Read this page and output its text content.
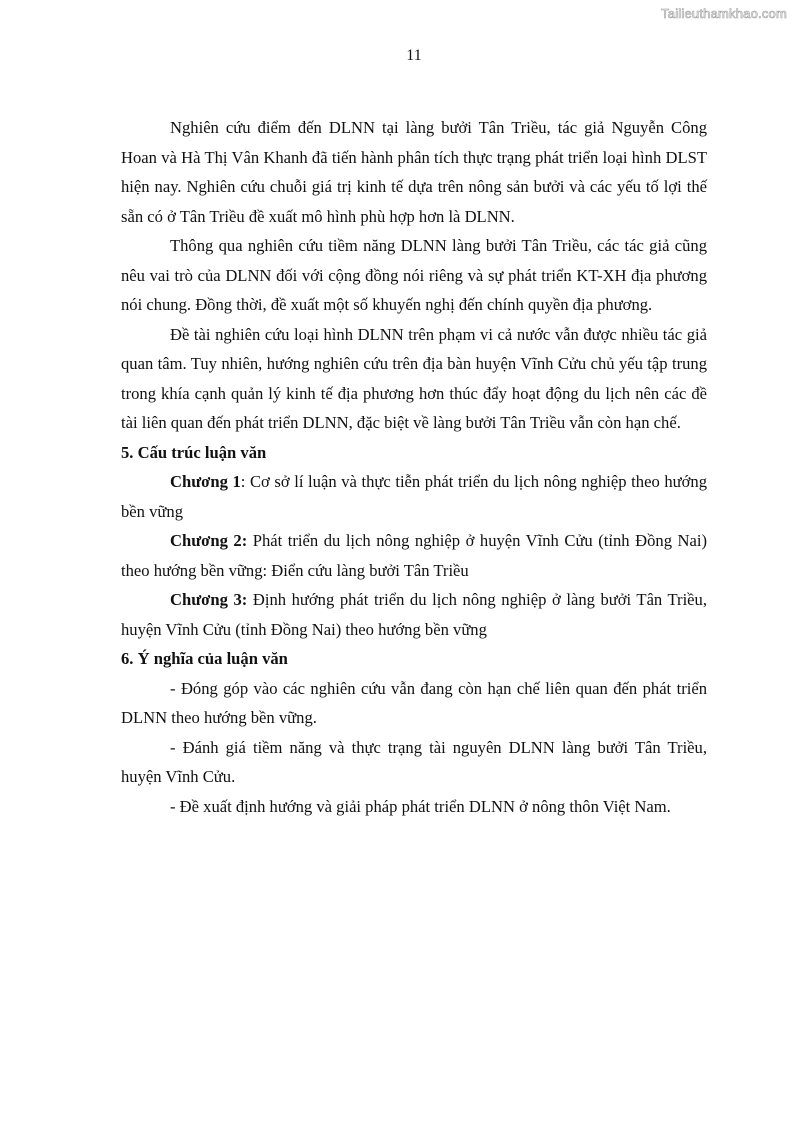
Tailieuthamkhao.com
11

Nghiên cứu điểm đến DLNN tại làng bưởi Tân Triều, tác giả Nguyễn Công Hoan và Hà Thị Vân Khanh đã tiến hành phân tích thực trạng phát triển loại hình DLST hiện nay. Nghiên cứu chuỗi giá trị kinh tế dựa trên nông sản bưởi và các yếu tố lợi thế sẵn có ở Tân Triều đề xuất mô hình phù hợp hơn là DLNN.

Thông qua nghiên cứu tiềm năng DLNN làng bưởi Tân Triều, các tác giả cũng nêu vai trò của DLNN đối với cộng đồng nói riêng và sự phát triển KT-XH địa phương nói chung. Đồng thời, đề xuất một số khuyến nghị đến chính quyền địa phương.

Đề tài nghiên cứu loại hình DLNN trên phạm vi cả nước vẫn được nhiều tác giả quan tâm. Tuy nhiên, hướng nghiên cứu trên địa bàn huyện Vĩnh Cửu chủ yếu tập trung trong khía cạnh quản lý kinh tế địa phương hơn thúc đẩy hoạt động du lịch nên các đề tài liên quan đến phát triển DLNN, đặc biệt về làng bưởi Tân Triều vẫn còn hạn chế.

5. Cấu trúc luận văn

Chương 1: Cơ sở lí luận và thực tiễn phát triển du lịch nông nghiệp theo hướng bền vững

Chương 2: Phát triển du lịch nông nghiệp ở huyện Vĩnh Cửu (tỉnh Đồng Nai) theo hướng bền vững: Điển cứu làng bưởi Tân Triều

Chương 3: Định hướng phát triển du lịch nông nghiệp ở làng bưởi Tân Triều, huyện Vĩnh Cửu (tỉnh Đồng Nai) theo hướng bền vững

6. Ý nghĩa của luận văn

- Đóng góp vào các nghiên cứu vẫn đang còn hạn chế liên quan đến phát triển DLNN theo hướng bền vững.

- Đánh giá tiềm năng và thực trạng tài nguyên DLNN làng bưởi Tân Triều, huyện Vĩnh Cửu.

- Đề xuất định hướng và giải pháp phát triển DLNN ở nông thôn Việt Nam.
